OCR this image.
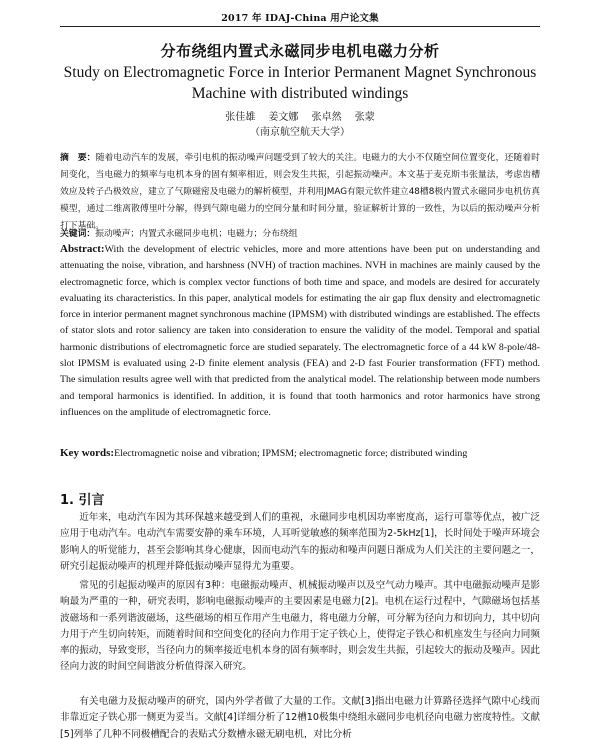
2017 年 IDAJ-China 用户论文集
分布绕组内置式永磁同步电机电磁力分析
Study on Electromagnetic Force in Interior Permanent Magnet Synchronous Machine with distributed windings
张佳雄 姜文娜 张卓然 张蒙
（南京航空航天大学）
摘　要：随着电动汽车的发展，牵引电机的振动噪声问题受到了较大的关注。电磁力的大小不仅随空间位置变化，还随着时间变化，当电磁力的频率与电机本身的固有频率相近，则会发生共振，引起振动噪声。本文基于麦克斯韦张量法，考虑齿槽效应及转子凸极效应，建立了气隙磁密及电磁力的解析模型，并利用JMAG有限元软件建立48槽8极内置式永磁同步电机仿真模型，通过二维离散傅里叶分解，得到气隙电磁力的空间分量和时间分量，验证解析计算的一致性，为以后的振动噪声分析打下基础。
关键词：振动噪声；内置式永磁同步电机；电磁力；分布绕组
Abstract:With the development of electric vehicles, more and more attentions have been put on understanding and attenuating the noise, vibration, and harshness (NVH) of traction machines. NVH in machines are mainly caused by the electromagnetic force, which is complex vector functions of both time and space, and models are desired for accurately evaluating its characteristics. In this paper, analytical models for estimating the air gap flux density and electromagnetic force in interior permanent magnet synchronous machine (IPMSM) with distributed windings are established. The effects of stator slots and rotor saliency are taken into consideration to ensure the validity of the model. Temporal and spatial harmonic distributions of electromagnetic force are studied separately. The electromagnetic force of a 44 kW 8-pole/48-slot IPMSM is evaluated using 2-D finite element analysis (FEA) and 2-D fast Fourier transformation (FFT) method. The simulation results agree well with that predicted from the analytical model. The relationship between mode numbers and temporal harmonics is identified. In addition, it is found that tooth harmonics and rotor harmonics have strong influences on the amplitude of electromagnetic force.
Key words:Electromagnetic noise and vibration; IPMSM; electromagnetic force; distributed winding
1. 引言
近年来，电动汽车因为其环保越来越受到人们的重视，永磁同步电机因功率密度高，运行可靠等优点，被广泛应用于电动汽车。电动汽车需要安静的乘车环境，人耳听觉敏感的频率范围为2-5kHz[1]，长时间处于噪声环境会影响人的听觉能力，甚至会影响其身心健康，因而电动汽车的振动和噪声问题日渐成为人们关注的主要问题之一，研究引起振动噪声的机理并降低振动噪声显得尤为重要。
常见的引起振动噪声的原因有3种：电磁振动噪声、机械振动噪声以及空气动力噪声。其中电磁振动噪声是影响最为严重的一种，研究表明，影响电磁振动噪声的主要因素是电磁力[2]。电机在运行过程中，气隙磁场包括基波磁场和一系列谐波磁场，这些磁场的相互作用产生电磁力，将电磁力分解，可分解为径向力和切向力，其中切向力用于产生切向转矩，而随着时间和空间变化的径向力作用于定子铁心上，使得定子铁心和机座发生与径向力同频率的振动，导致变形，当径向力的频率接近电机本身的固有频率时，则会发生共振，引起较大的振动及噪声。因此径向力波的时间空间谐波分析值得深入研究。
有关电磁力及振动噪声的研究，国内外学者做了大量的工作。文献[3]指出电磁力计算路径选择气隙中心线而非靠近定子铁心那一侧更为妥当。文献[4]详细分析了12槽10极集中绕组永磁同步电机径向电磁力密度特性。文献[5]列举了几种不同极槽配合的表贴式分数槽永磁无刷电机，对比分析
